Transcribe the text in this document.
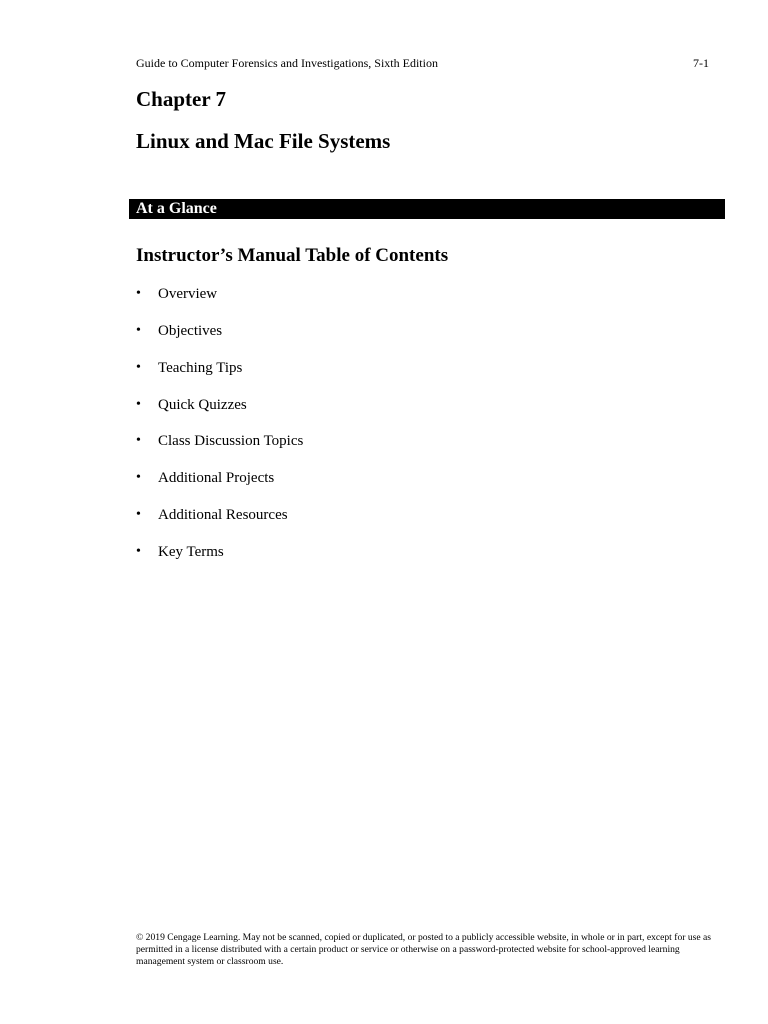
Guide to Computer Forensics and Investigations, Sixth Edition	7-1
Chapter 7
Linux and Mac File Systems
At a Glance
Instructor’s Manual Table of Contents
•	Overview
•	Objectives
•	Teaching Tips
•	Quick Quizzes
•	Class Discussion Topics
•	Additional Projects
•	Additional Resources
•	Key Terms
© 2019 Cengage Learning. May not be scanned, copied or duplicated, or posted to a publicly accessible website, in whole or in part, except for use as permitted in a license distributed with a certain product or service or otherwise on a password-protected website for school-approved learning management system or classroom use.
